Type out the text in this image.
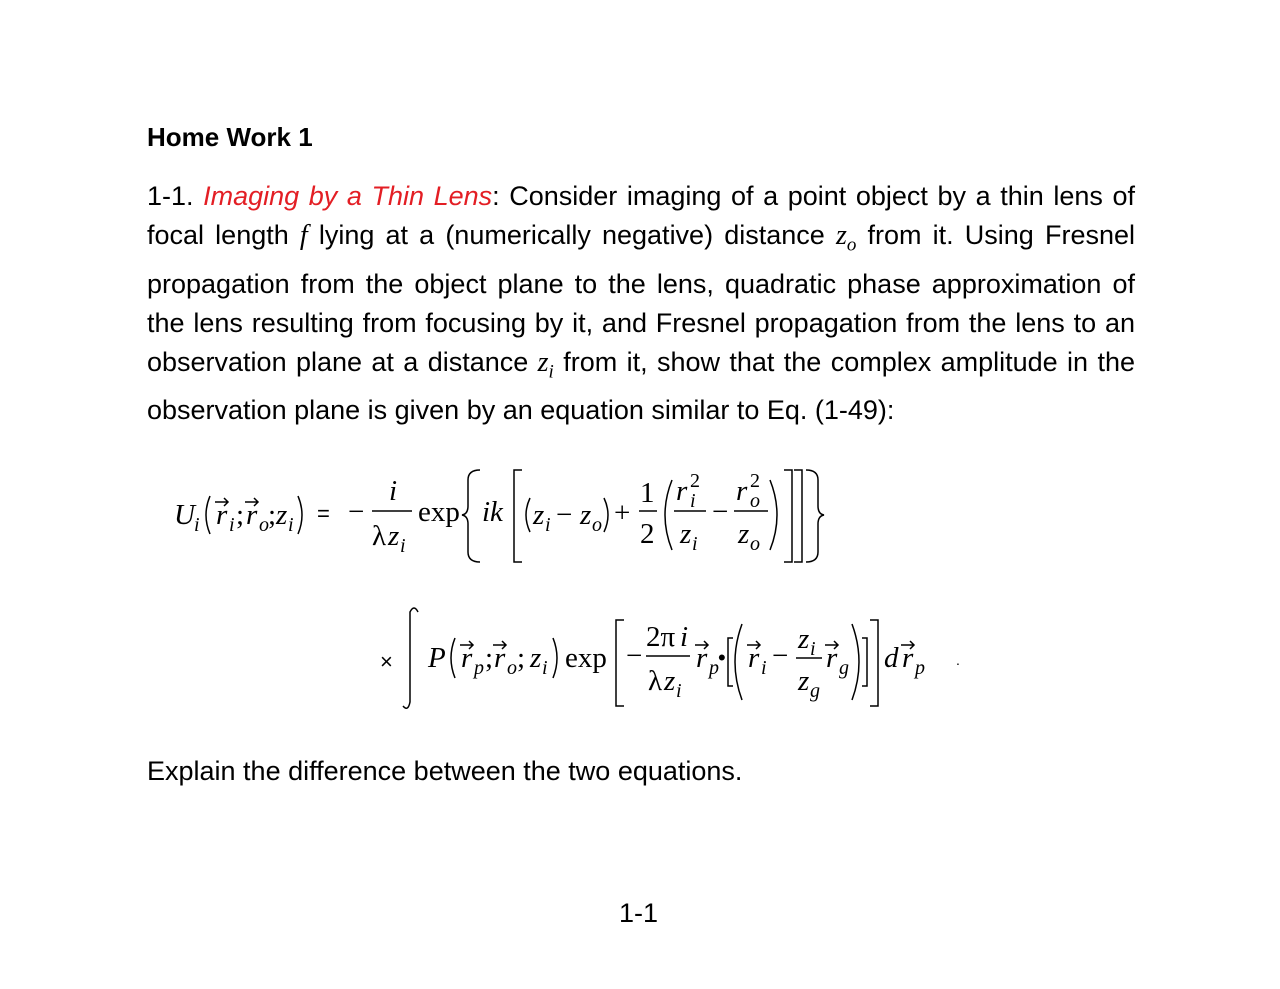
Home Work 1

1-1. Imaging by a Thin Lens: Consider imaging of a point object by a thin lens of focal length f lying at a (numerically negative) distance $z_o$ from it. Using Fresnel propagation from the object plane to the lens, quadratic phase approximation of the lens resulting from focusing by it, and Fresnel propagation from the lens to an observation plane at a distance $z_i$ from it, show that the complex amplitude in the observation plane is given by an equation similar to Eq. (1-49):

U i r i ; r o ; z i = −
i
λ z i
exp ik z i − z o +
1
2
r 2
i
z i
−
r 2
o
z o
× P r p ; r o ; z i exp −
2π i
λ z i
r p • r i −
z i
z g
r g d r p .

Explain the difference between the two equations.

1-1
